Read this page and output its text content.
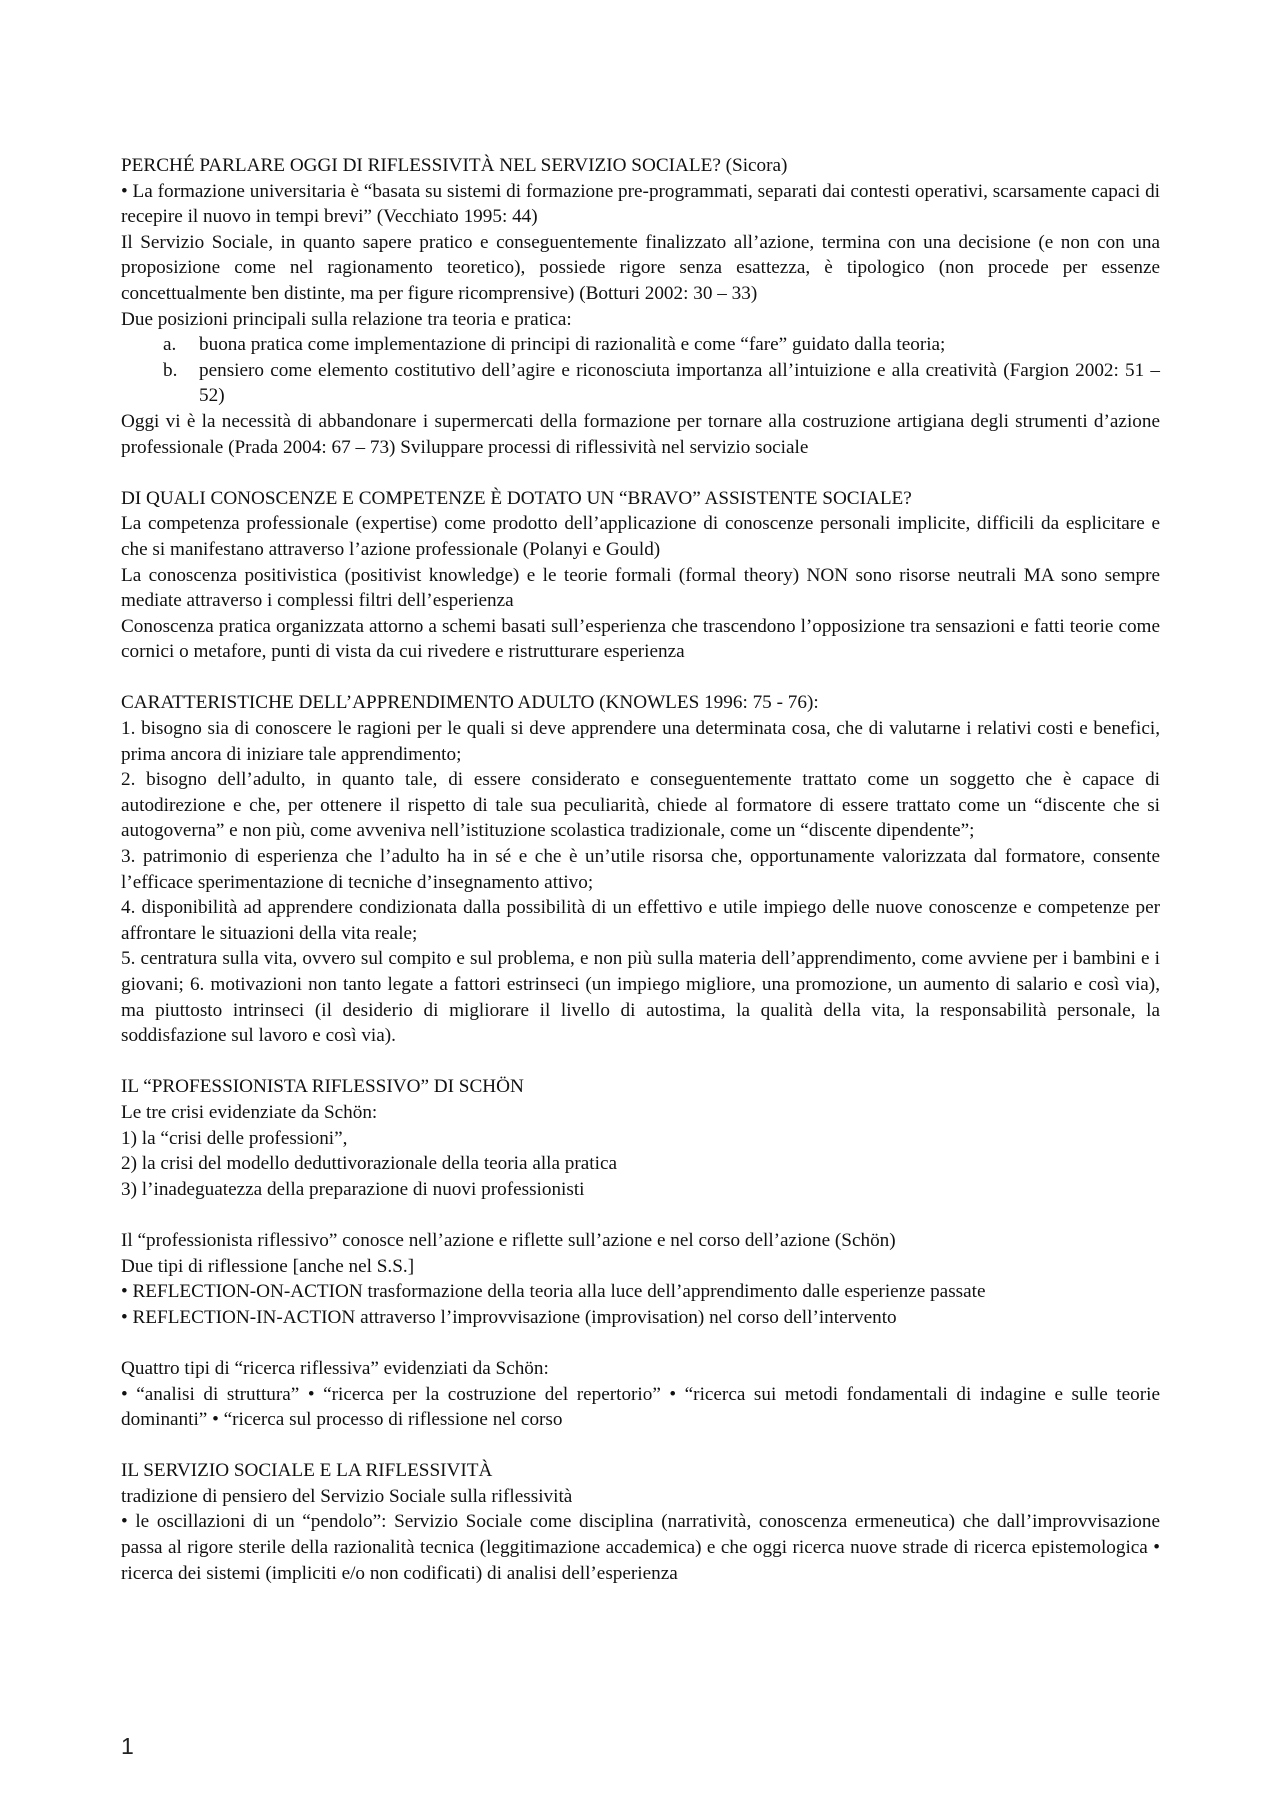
PERCHÉ PARLARE OGGI DI RIFLESSIVITÀ NEL SERVIZIO SOCIALE? (Sicora)

• La formazione universitaria è “basata su sistemi di formazione pre-programmati, separati dai contesti operativi, scarsamente capaci di recepire il nuovo in tempi brevi” (Vecchiato 1995: 44)

Il Servizio Sociale, in quanto sapere pratico e conseguentemente finalizzato all’azione, termina con una decisione (e non con una proposizione come nel ragionamento teoretico), possiede rigore senza esattezza, è tipologico (non procede per essenze concettualmente ben distinte, ma per figure ricomprensive) (Botturi 2002: 30 – 33)

Due posizioni principali sulla relazione tra teoria e pratica:

a. buona pratica come implementazione di principi di razionalità e come “fare” guidato dalla teoria;
b. pensiero come elemento costitutivo dell’agire e riconosciuta importanza all’intuizione e alla creatività (Fargion 2002: 51 – 52)

Oggi vi è la necessità di abbandonare i supermercati della formazione per tornare alla costruzione artigiana degli strumenti d’azione professionale (Prada 2004: 67 – 73) Sviluppare processi di riflessività nel servizio sociale

DI QUALI CONOSCENZE E COMPETENZE È DOTATO UN “BRAVO” ASSISTENTE SOCIALE?

La competenza professionale (expertise) come prodotto dell’applicazione di conoscenze personali implicite, difficili da esplicitare e che si manifestano attraverso l’azione professionale (Polanyi e Gould)

La conoscenza positivistica (positivist knowledge) e le teorie formali (formal theory) NON sono risorse neutrali MA sono sempre mediate attraverso i complessi filtri dell’esperienza

Conoscenza pratica organizzata attorno a schemi basati sull’esperienza che trascendono l’opposizione tra sensazioni e fatti teorie come cornici o metafore, punti di vista da cui rivedere e ristrutturare esperienza

CARATTERISTICHE DELL’APPRENDIMENTO ADULTO (KNOWLES 1996: 75 - 76):

1. bisogno sia di conoscere le ragioni per le quali si deve apprendere una determinata cosa, che di valutarne i relativi costi e benefici, prima ancora di iniziare tale apprendimento;

2. bisogno dell’adulto, in quanto tale, di essere considerato e conseguentemente trattato come un soggetto che è capace di autodirezione e che, per ottenere il rispetto di tale sua peculiarità, chiede al formatore di essere trattato come un “discente che si autogoverna” e non più, come avveniva nell’istituzione scolastica tradizionale, come un “discente dipendente”;

3. patrimonio di esperienza che l’adulto ha in sé e che è un’utile risorsa che, opportunamente valorizzata dal formatore, consente l’efficace sperimentazione di tecniche d’insegnamento attivo;

4. disponibilità ad apprendere condizionata dalla possibilità di un effettivo e utile impiego delle nuove conoscenze e competenze per affrontare le situazioni della vita reale;

5. centratura sulla vita, ovvero sul compito e sul problema, e non più sulla materia dell’apprendimento, come avviene per i bambini e i giovani; 6. motivazioni non tanto legate a fattori estrinseci (un impiego migliore, una promozione, un aumento di salario e così via), ma piuttosto intrinseci (il desiderio di migliorare il livello di autostima, la qualità della vita, la responsabilità personale, la soddisfazione sul lavoro e così via).

IL “PROFESSIONISTA RIFLESSIVO” DI SCHÖN

Le tre crisi evidenziate da Schön:

1) la “crisi delle professioni”,

2) la crisi del modello deduttivorazionale della teoria alla pratica

3) l’inadeguatezza della preparazione di nuovi professionisti

Il “professionista riflessivo” conosce nell’azione e riflette sull’azione e nel corso dell’azione (Schön)

Due tipi di riflessione [anche nel S.S.]

• REFLECTION-ON-ACTION trasformazione della teoria alla luce dell’apprendimento dalle esperienze passate

• REFLECTION-IN-ACTION attraverso l’improvvisazione (improvisation) nel corso dell’intervento

Quattro tipi di “ricerca riflessiva” evidenziati da Schön:

• “analisi di struttura” • “ricerca per la costruzione del repertorio” • “ricerca sui metodi fondamentali di indagine e sulle teorie dominanti” • “ricerca sul processo di riflessione nel corso

IL SERVIZIO SOCIALE E LA RIFLESSIVITÀ

tradizione di pensiero del Servizio Sociale sulla riflessività

• le oscillazioni di un “pendolo”: Servizio Sociale come disciplina (narratività, conoscenza ermeneutica) che dall’improvvisazione passa al rigore sterile della razionalità tecnica (leggitimazione accademica) e che oggi ricerca nuove strade di ricerca epistemologica • ricerca dei sistemi (impliciti e/o non codificati) di analisi dell’esperienza

1
